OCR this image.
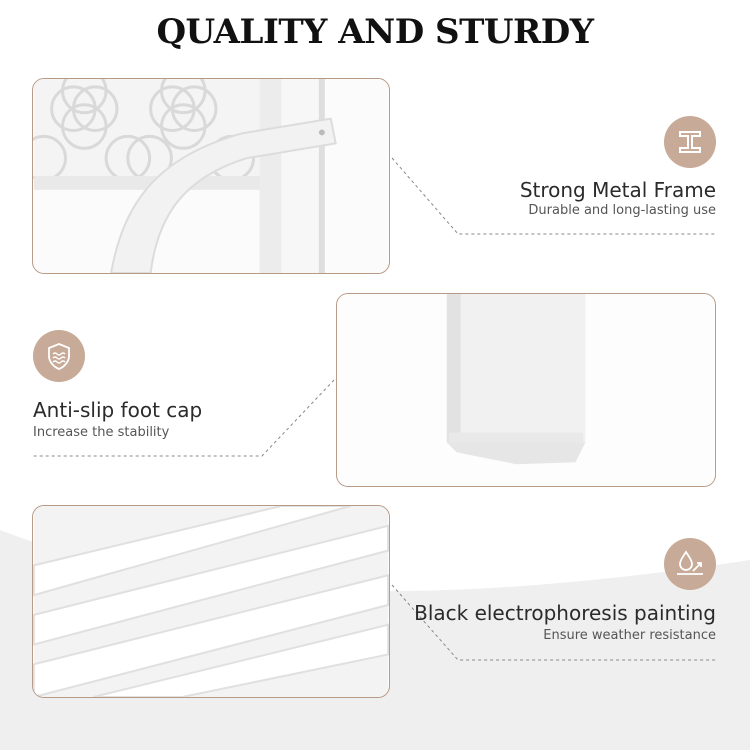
QUALITY AND STURDY
Strong Metal Frame
Durable and long-lasting use
Anti-slip foot cap
Increase the stability
Black electrophoresis painting
Ensure weather resistance
